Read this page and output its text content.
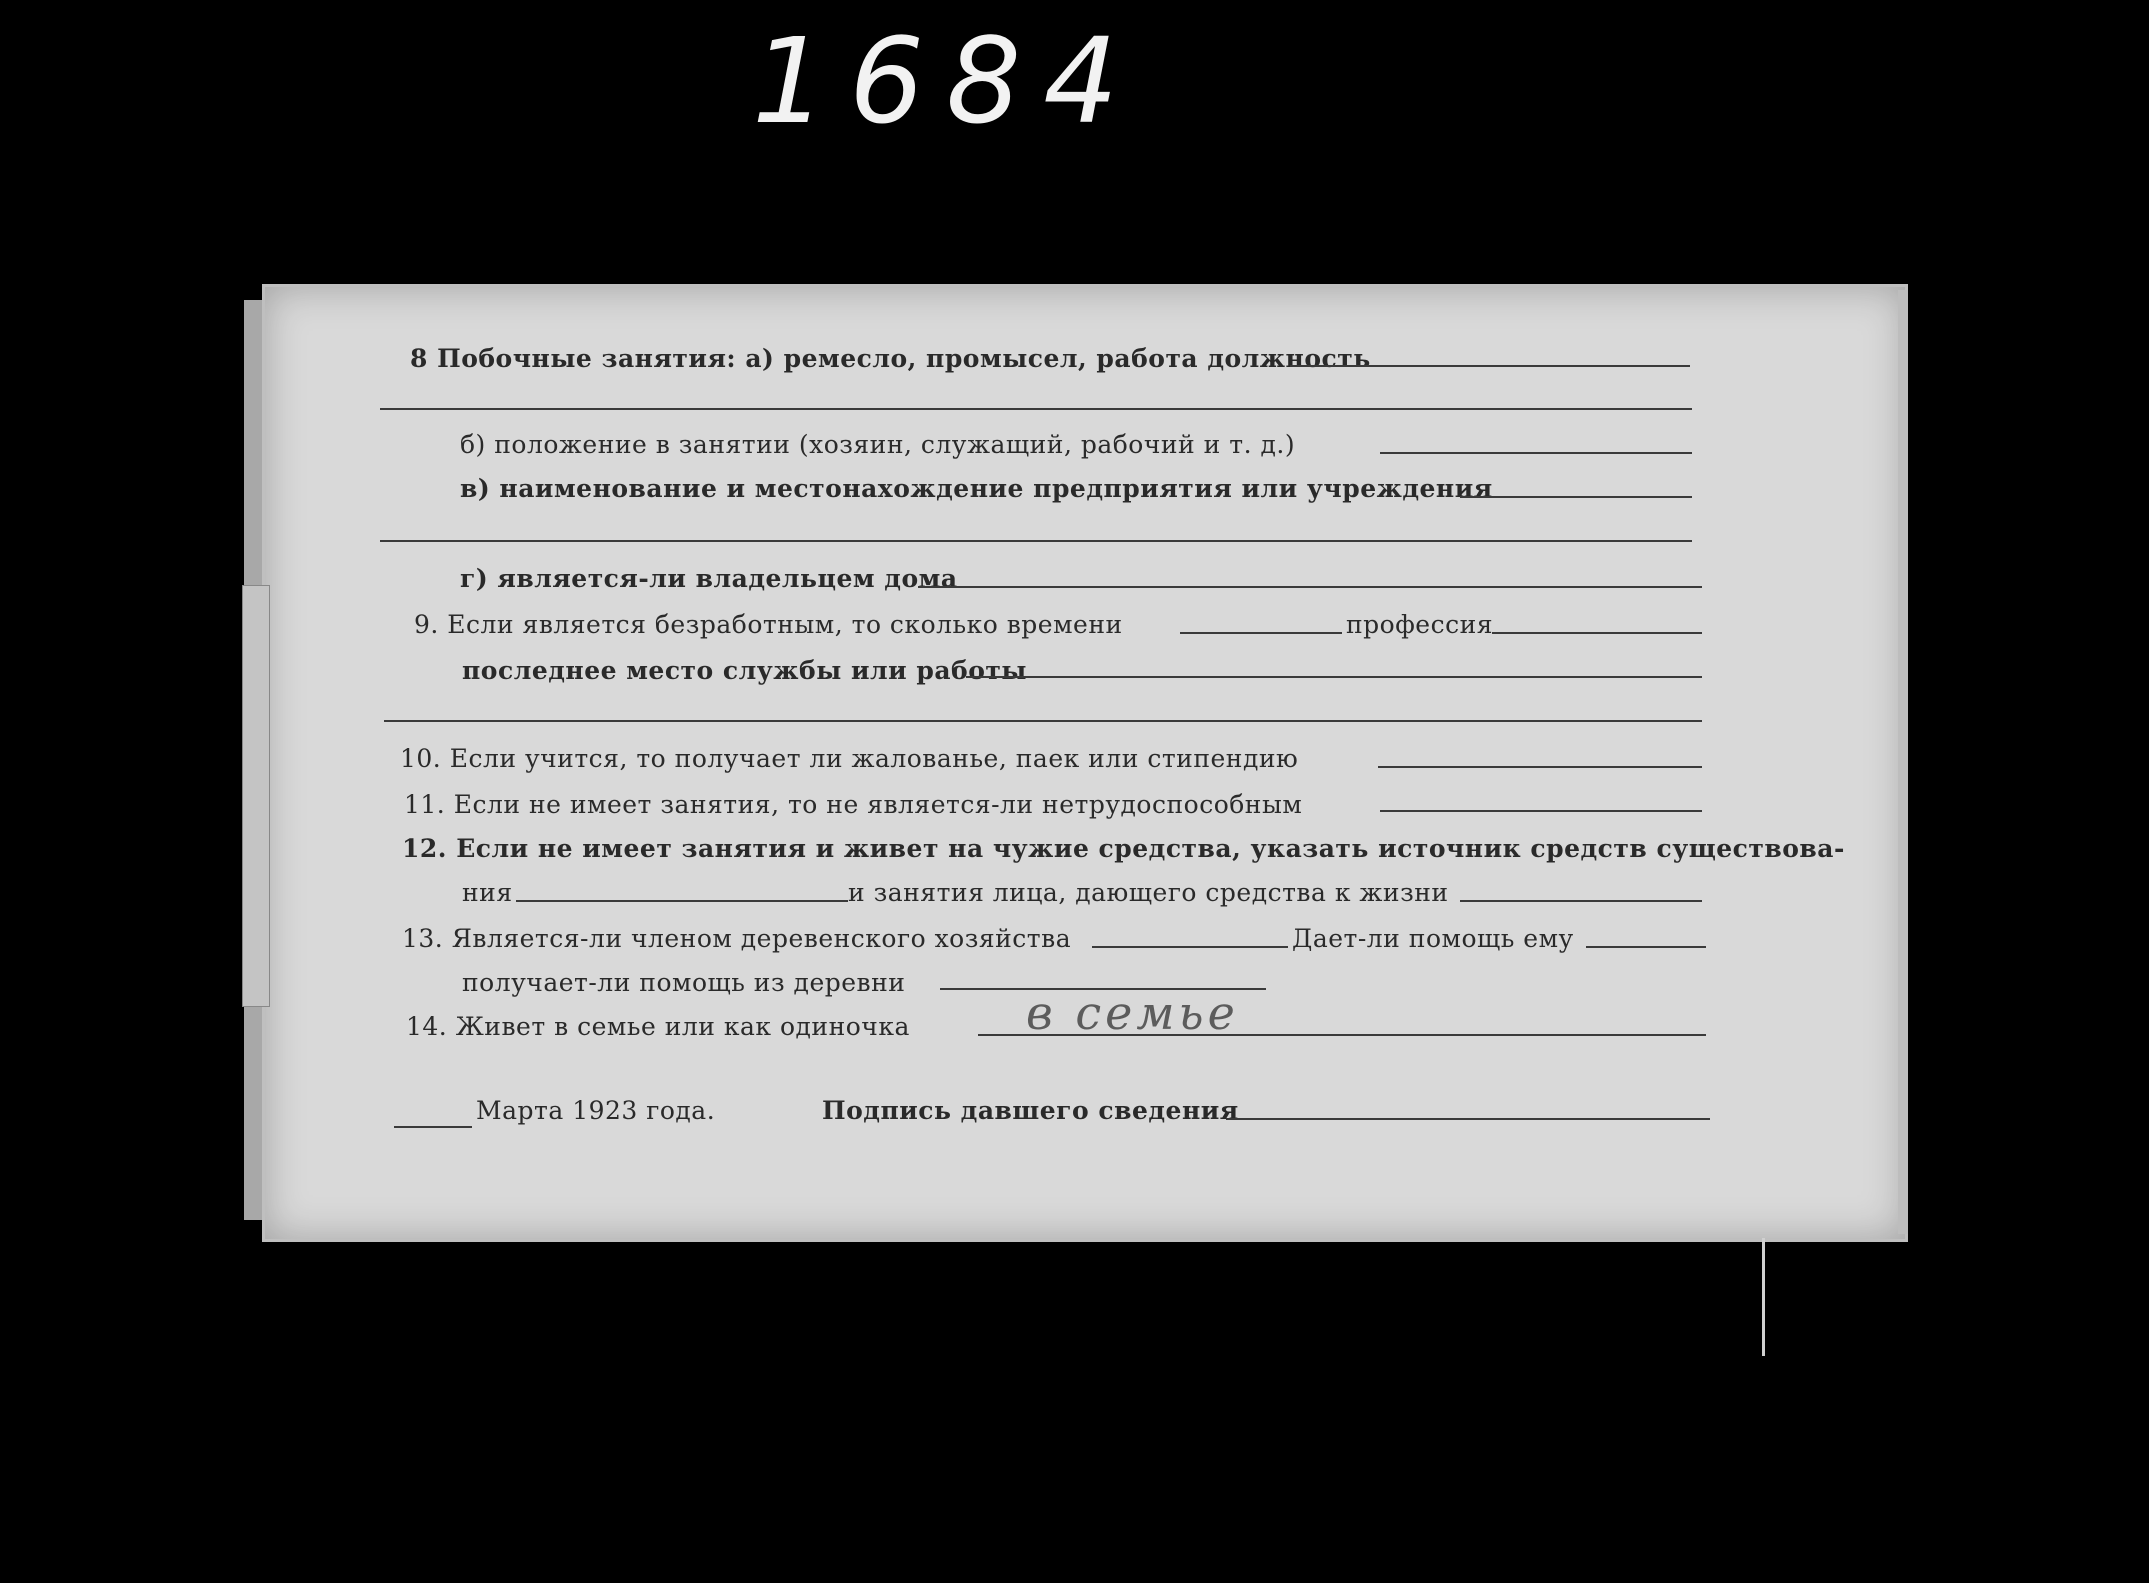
1684
8 Побочные занятия: а) ремесло, промысел, работа должность
б) положение в занятии (хозяин, служащий, рабочий и т. д.)
в) наименование и местонахождение предприятия или учреждения
г) является-ли владельцем дома
9. Если является безработным, то сколько времени	профессия
последнее место службы или работы
10. Если учится, то получает ли жалованье, паек или стипендию
11. Если не имеет занятия, то не является-ли нетрудоспособным
12. Если не имеет занятия и живет на чужие средства, указать источник средств существова-
ния	и занятия лица, дающего средства к жизни
13. Является-ли членом деревенского хозяйства	Дает-ли помощь ему
получает-ли помощь из деревни
14. Живет в семье или как одиночка	в семье
Марта 1923 года.	Подпись давшего сведения
